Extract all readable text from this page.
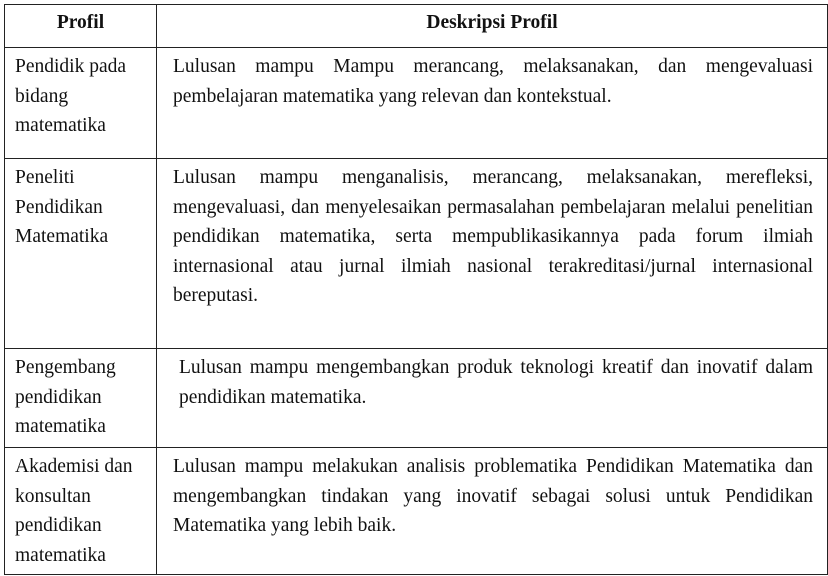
Profil	Deskripsi Profil
Pendidik pada bidang matematika	Lulusan mampu Mampu merancang, melaksanakan, dan mengevaluasi pembelajaran matematika yang relevan dan kontekstual.
Peneliti Pendidikan Matematika	Lulusan mampu menganalisis, merancang, melaksanakan, merefleksi, mengevaluasi, dan menyelesaikan permasalahan pembelajaran melalui penelitian pendidikan matematika, serta mempublikasikannya pada forum ilmiah internasional atau jurnal ilmiah nasional terakreditasi/jurnal internasional bereputasi.
Pengembang pendidikan matematika	Lulusan mampu mengembangkan produk teknologi kreatif dan inovatif dalam pendidikan matematika.
Akademisi dan konsultan pendidikan matematika	Lulusan mampu melakukan analisis problematika Pendidikan Matematika dan mengembangkan tindakan yang inovatif sebagai solusi untuk Pendidikan Matematika yang lebih baik.
